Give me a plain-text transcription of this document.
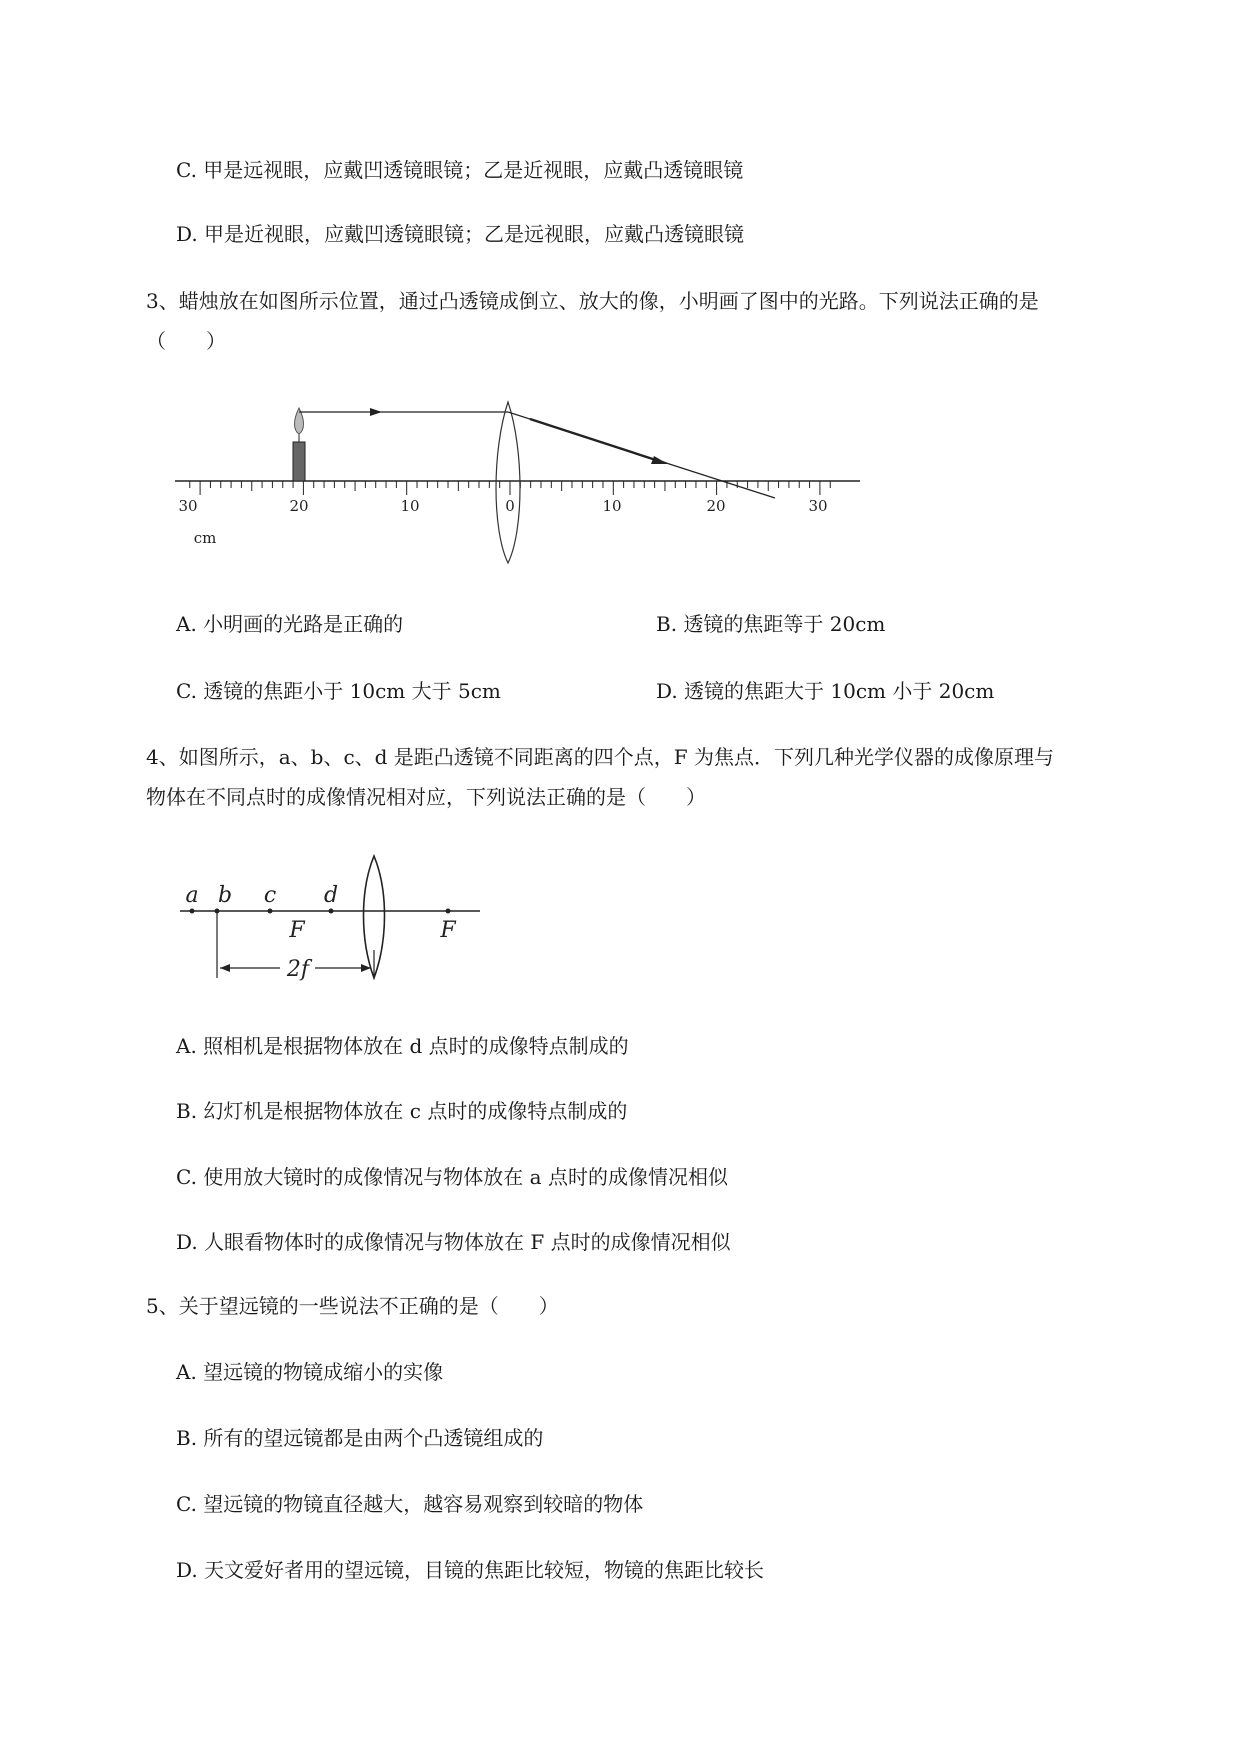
C. 甲是远视眼，应戴凹透镜眼镜；乙是近视眼，应戴凸透镜眼镜
D. 甲是近视眼，应戴凹透镜眼镜；乙是远视眼，应戴凸透镜眼镜
3、蜡烛放在如图所示位置，通过凸透镜成倒立、放大的像，小明画了图中的光路。下列说法正确的是
（　　）
30	20	10	0	10	20	30
cm
A. 小明画的光路是正确的	B. 透镜的焦距等于 20cm
C. 透镜的焦距小于 10cm 大于 5cm	D. 透镜的焦距大于 10cm 小于 20cm
4、如图所示，a、b、c、d 是距凸透镜不同距离的四个点，F 为焦点．下列几种光学仪器的成像原理与
物体在不同点时的成像情况相对应，下列说法正确的是（　　）
a b c d
F	F
2f
A. 照相机是根据物体放在 d 点时的成像特点制成的
B. 幻灯机是根据物体放在 c 点时的成像特点制成的
C. 使用放大镜时的成像情况与物体放在 a 点时的成像情况相似
D. 人眼看物体时的成像情况与物体放在 F 点时的成像情况相似
5、关于望远镜的一些说法不正确的是（　　）
A. 望远镜的物镜成缩小的实像
B. 所有的望远镜都是由两个凸透镜组成的
C. 望远镜的物镜直径越大，越容易观察到较暗的物体
D. 天文爱好者用的望远镜，目镜的焦距比较短，物镜的焦距比较长
